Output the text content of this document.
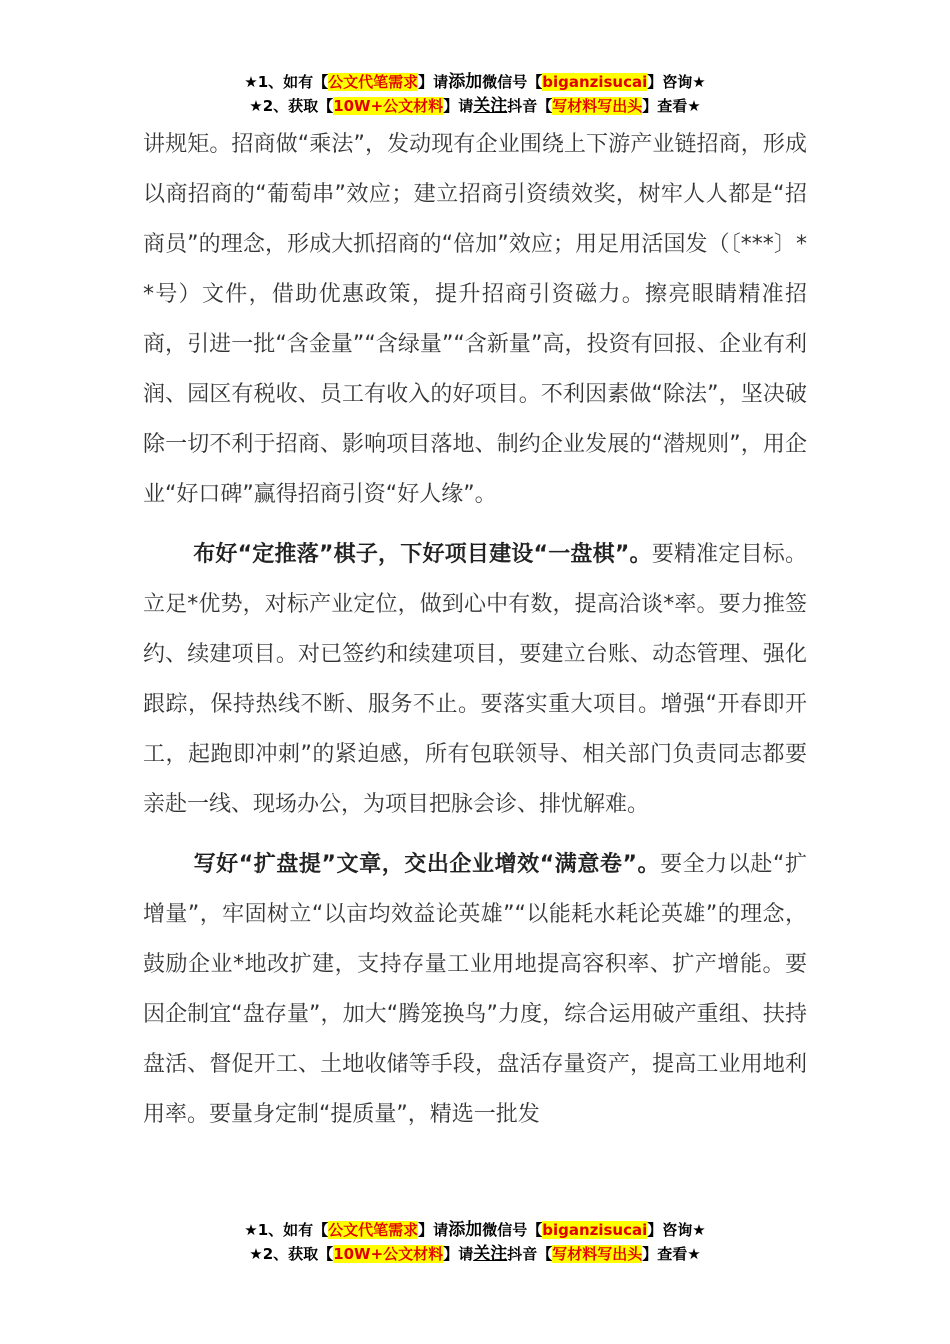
★1、如有【公文代笔需求】请添加微信号【biganzisucai】咨询★
★2、获取【10W+公文材料】请关注抖音【写材料写出头】查看★

讲规矩。招商做“乘法”，发动现有企业围绕上下游产业链招商，形成以商招商的“葡萄串”效应；建立招商引资绩效奖，树牢人人都是“招商员”的理念，形成大抓招商的“倍加”效应；用足用活国发（〔***〕**号）文件，借助优惠政策，提升招商引资磁力。擦亮眼睛精准招商，引进一批“含金量”“含绿量”“含新量”高，投资有回报、企业有利润、园区有税收、员工有收入的好项目。不利因素做“除法”，坚决破除一切不利于招商、影响项目落地、制约企业发展的“潜规则”，用企业“好口碑”赢得招商引资“好人缘”。

布好“定推落”棋子，下好项目建设“一盘棋”。要精准定目标。立足*优势，对标产业定位，做到心中有数，提高洽谈*率。要力推签约、续建项目。对已签约和续建项目，要建立台账、动态管理、强化跟踪，保持热线不断、服务不止。要落实重大项目。增强“开春即开工，起跑即冲刺”的紧迫感，所有包联领导、相关部门负责同志都要亲赴一线、现场办公，为项目把脉会诊、排忧解难。

写好“扩盘提”文章，交出企业增效“满意卷”。要全力以赴“扩增量”，牢固树立“以亩均效益论英雄”“以能耗水耗论英雄”的理念，鼓励企业*地改扩建，支持存量工业用地提高容积率、扩产增能。要因企制宜“盘存量”，加大“腾笼换鸟”力度，综合运用破产重组、扶持盘活、督促开工、土地收储等手段，盘活存量资产，提高工业用地利用率。要量身定制“提质量”，精选一批发

★1、如有【公文代笔需求】请添加微信号【biganzisucai】咨询★
★2、获取【10W+公文材料】请关注抖音【写材料写出头】查看★
